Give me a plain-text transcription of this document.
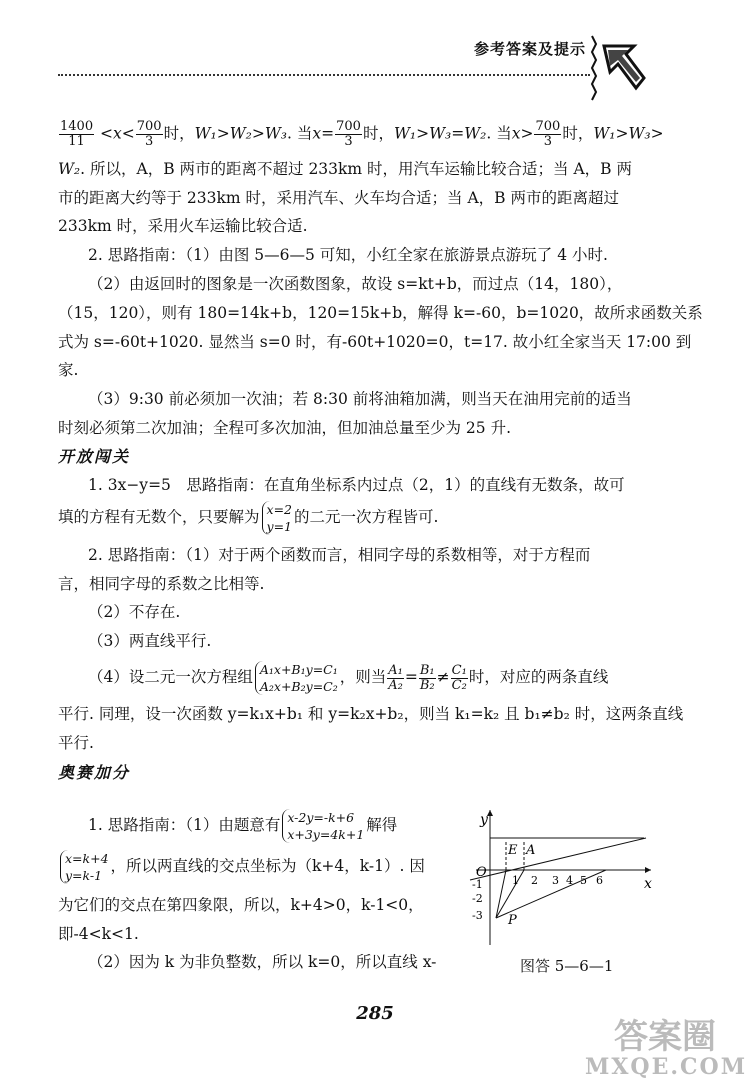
参考答案及提示
$\frac{1400}{11} <x< \frac{700}{3}$ 时，W₁>W₂>W₃. 当$x= \frac{700}{3}$ 时，W₁>W₃=W₂. 当$x> \frac{700}{3}$ 时，W₁>W₃>
W₂. 所以，A，B 两市的距离不超过 233km 时，用汽车运输比较合适；当 A，B 两
市的距离大约等于 233km 时，采用汽车、火车均合适；当 A，B 两市的距离超过
233km 时，采用火车运输比较合适.
2. 思路指南：（1）由图 5—6—5 可知，小红全家在旅游景点游玩了 4 小时.
（2）由返回时的图象是一次函数图象，故设 s=kt+b，而过点（14，180），
（15，120），则有 180=14k+b，120=15k+b，解得 k=-60，b=1020，故所求函数关系
式为 s=-60t+1020. 显然当 s=0 时，有-60t+1020=0，t=17. 故小红全家当天 17:00 到
家.
（3）9:30 前必须加一次油；若 8:30 前将油箱加满，则当天在油用完前的适当
时刻必须第二次加油；全程可多次加油，但加油总量至少为 25 升.
开放闯关
1. 3x−y=5　思路指南：在直角坐标系内过点（2，1）的直线有无数条，故可
填的方程有无数个，只要解为 x=2
y=1的二元一次方程皆可.
2. 思路指南：（1）对于两个函数而言，相同字母的系数相等，对于方程而
言，相同字母的系数之比相等.
（2）不存在.
（3）两直线平行.
（4）设二元一次方程组 A₁x+B₁y=C₁
A₂x+B₂y=C₂，则当 $\frac{\text{A₁}}{\text{A₂}} = \frac{\text{B₁}}{\text{B₂}} \ne \frac{\text{C₁}}{\text{C₂}}$ 时，对应的两条直线
平行. 同理，设一次函数 y=k₁x+b₁ 和 y=k₂x+b₂，则当 k₁=k₂ 且 b₁≠b₂ 时，这两条直线
平行.
奥赛加分
1. 思路指南：（1）由题意有 x-2y=-k+6
x+3y=4k+1解得
x=k+4
y=k-1，所以两直线的交点坐标为（k+4，k-1）. 因
为它们的交点在第四象限，所以，k+4>0，k-1<0，
即-4<k<1.
（2）因为 k 为非负整数，所以 k=0，所以直线 x-
y
x
O
E A
P
1 2 3 4 5 6
-1
-2
-3
图答 5—6—1
285
答案圈
MXQE.COM
